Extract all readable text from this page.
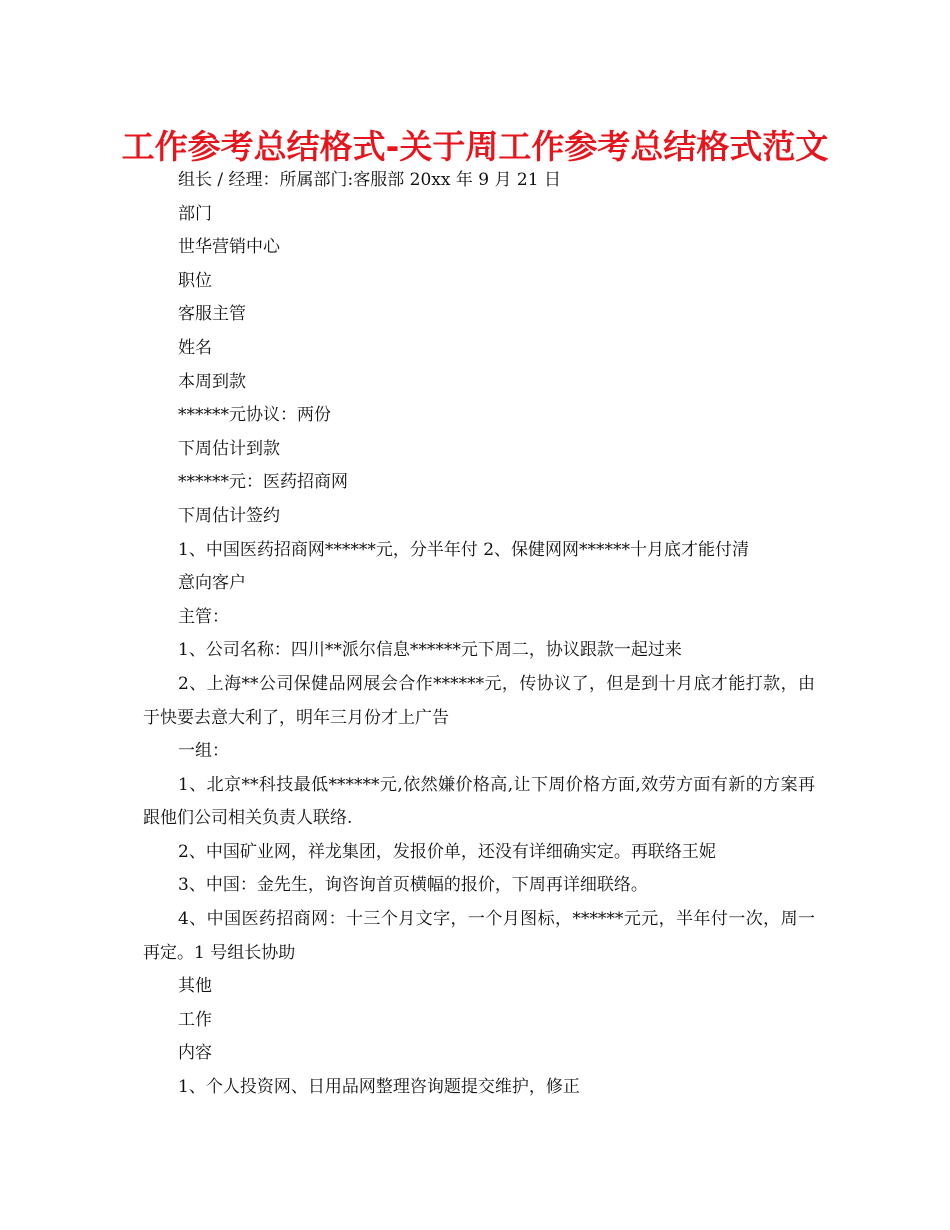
工作参考总结格式-关于周工作参考总结格式范文

组长 / 经理：所属部门:客服部 20xx 年 9 月 21 日

部门

世华营销中心

职位

客服主管

姓名

本周到款

******元协议：两份

下周估计到款

******元：医药招商网

下周估计签约

1、中国医药招商网******元，分半年付 2、保健网网******十月底才能付清

意向客户

主管：

1、公司名称：四川**派尔信息******元下周二，协议跟款一起过来

2、上海**公司保健品网展会合作******元，传协议了，但是到十月底才能打款，由于快要去意大利了，明年三月份才上广告

一组：

1、北京**科技最低******元,依然嫌价格高,让下周价格方面,效劳方面有新的方案再跟他们公司相关负责人联络.

2、中国矿业网，祥龙集团，发报价单，还没有详细确实定。再联络王妮

3、中国：金先生，询咨询首页横幅的报价，下周再详细联络。

4、中国医药招商网：十三个月文字，一个月图标，******元元，半年付一次，周一再定。1 号组长协助

其他

工作

内容

1、个人投资网、日用品网整理咨询题提交维护，修正
